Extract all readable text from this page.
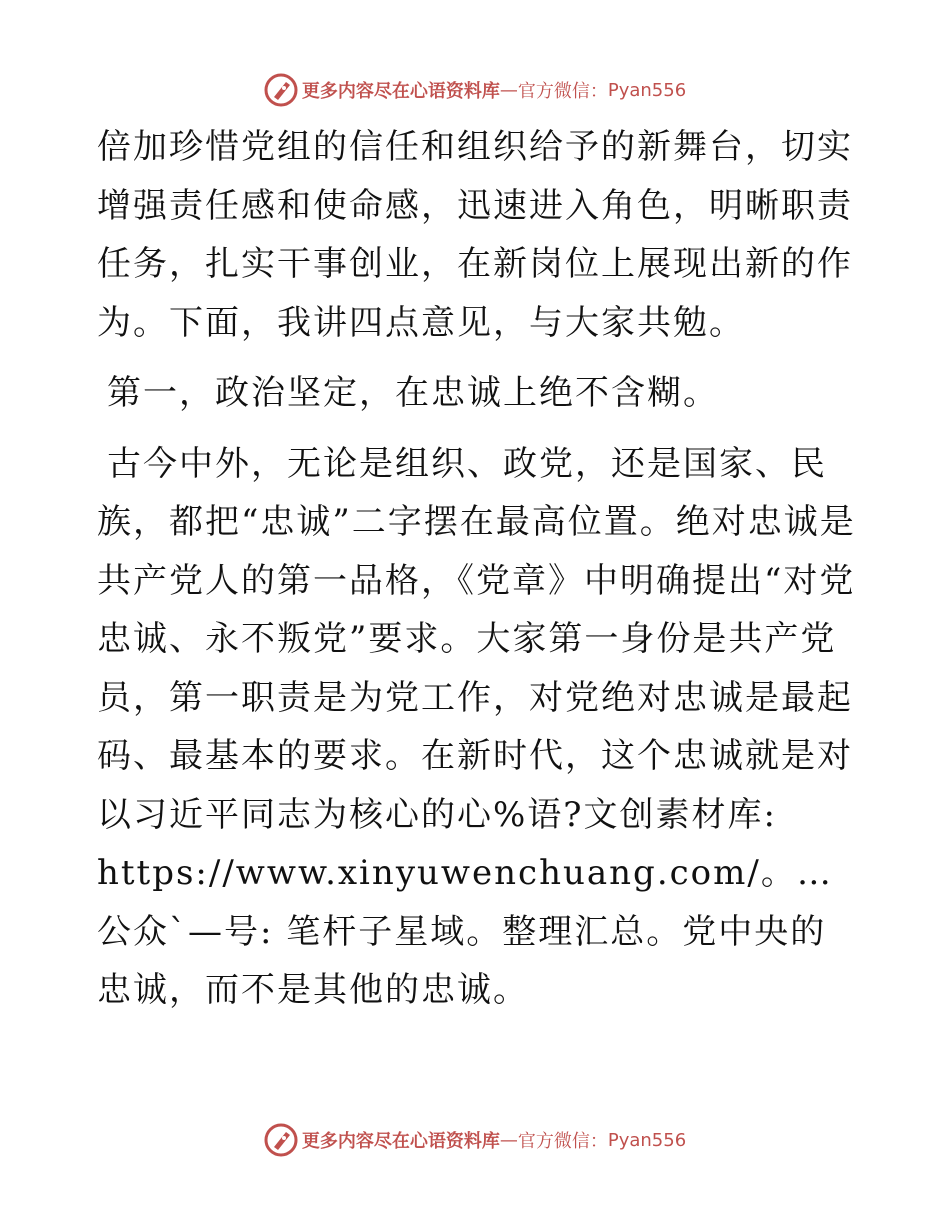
更多内容尽在心语资料库 — 官方微信： Pyan556

倍加珍惜党组的信任和组织给予的新舞台，切实增强责任感和使命感，迅速进入角色，明晰职责任务，扎实干事创业，在新岗位上展现出新的作为。下面，我讲四点意见，与大家共勉。

第一，政治坚定，在忠诚上绝不含糊。

古今中外，无论是组织、政党，还是国家、民族，都把“忠诚”二字摆在最高位置。绝对忠诚是共产党人的第一品格，《党章》中明确提出“对党忠诚、永不叛党”要求。大家第一身份是共产党员，第一职责是为党工作，对党绝对忠诚是最起码、最基本的要求。在新时代，这个忠诚就是对以习近平同志为核心的心%语?文创素材库: https://www.xinyuwenchuang.com/。…公众`—号: 笔杆子星域。整理汇总。党中央的忠诚，而不是其他的忠诚。

更多内容尽在心语资料库 — 官方微信： Pyan556
